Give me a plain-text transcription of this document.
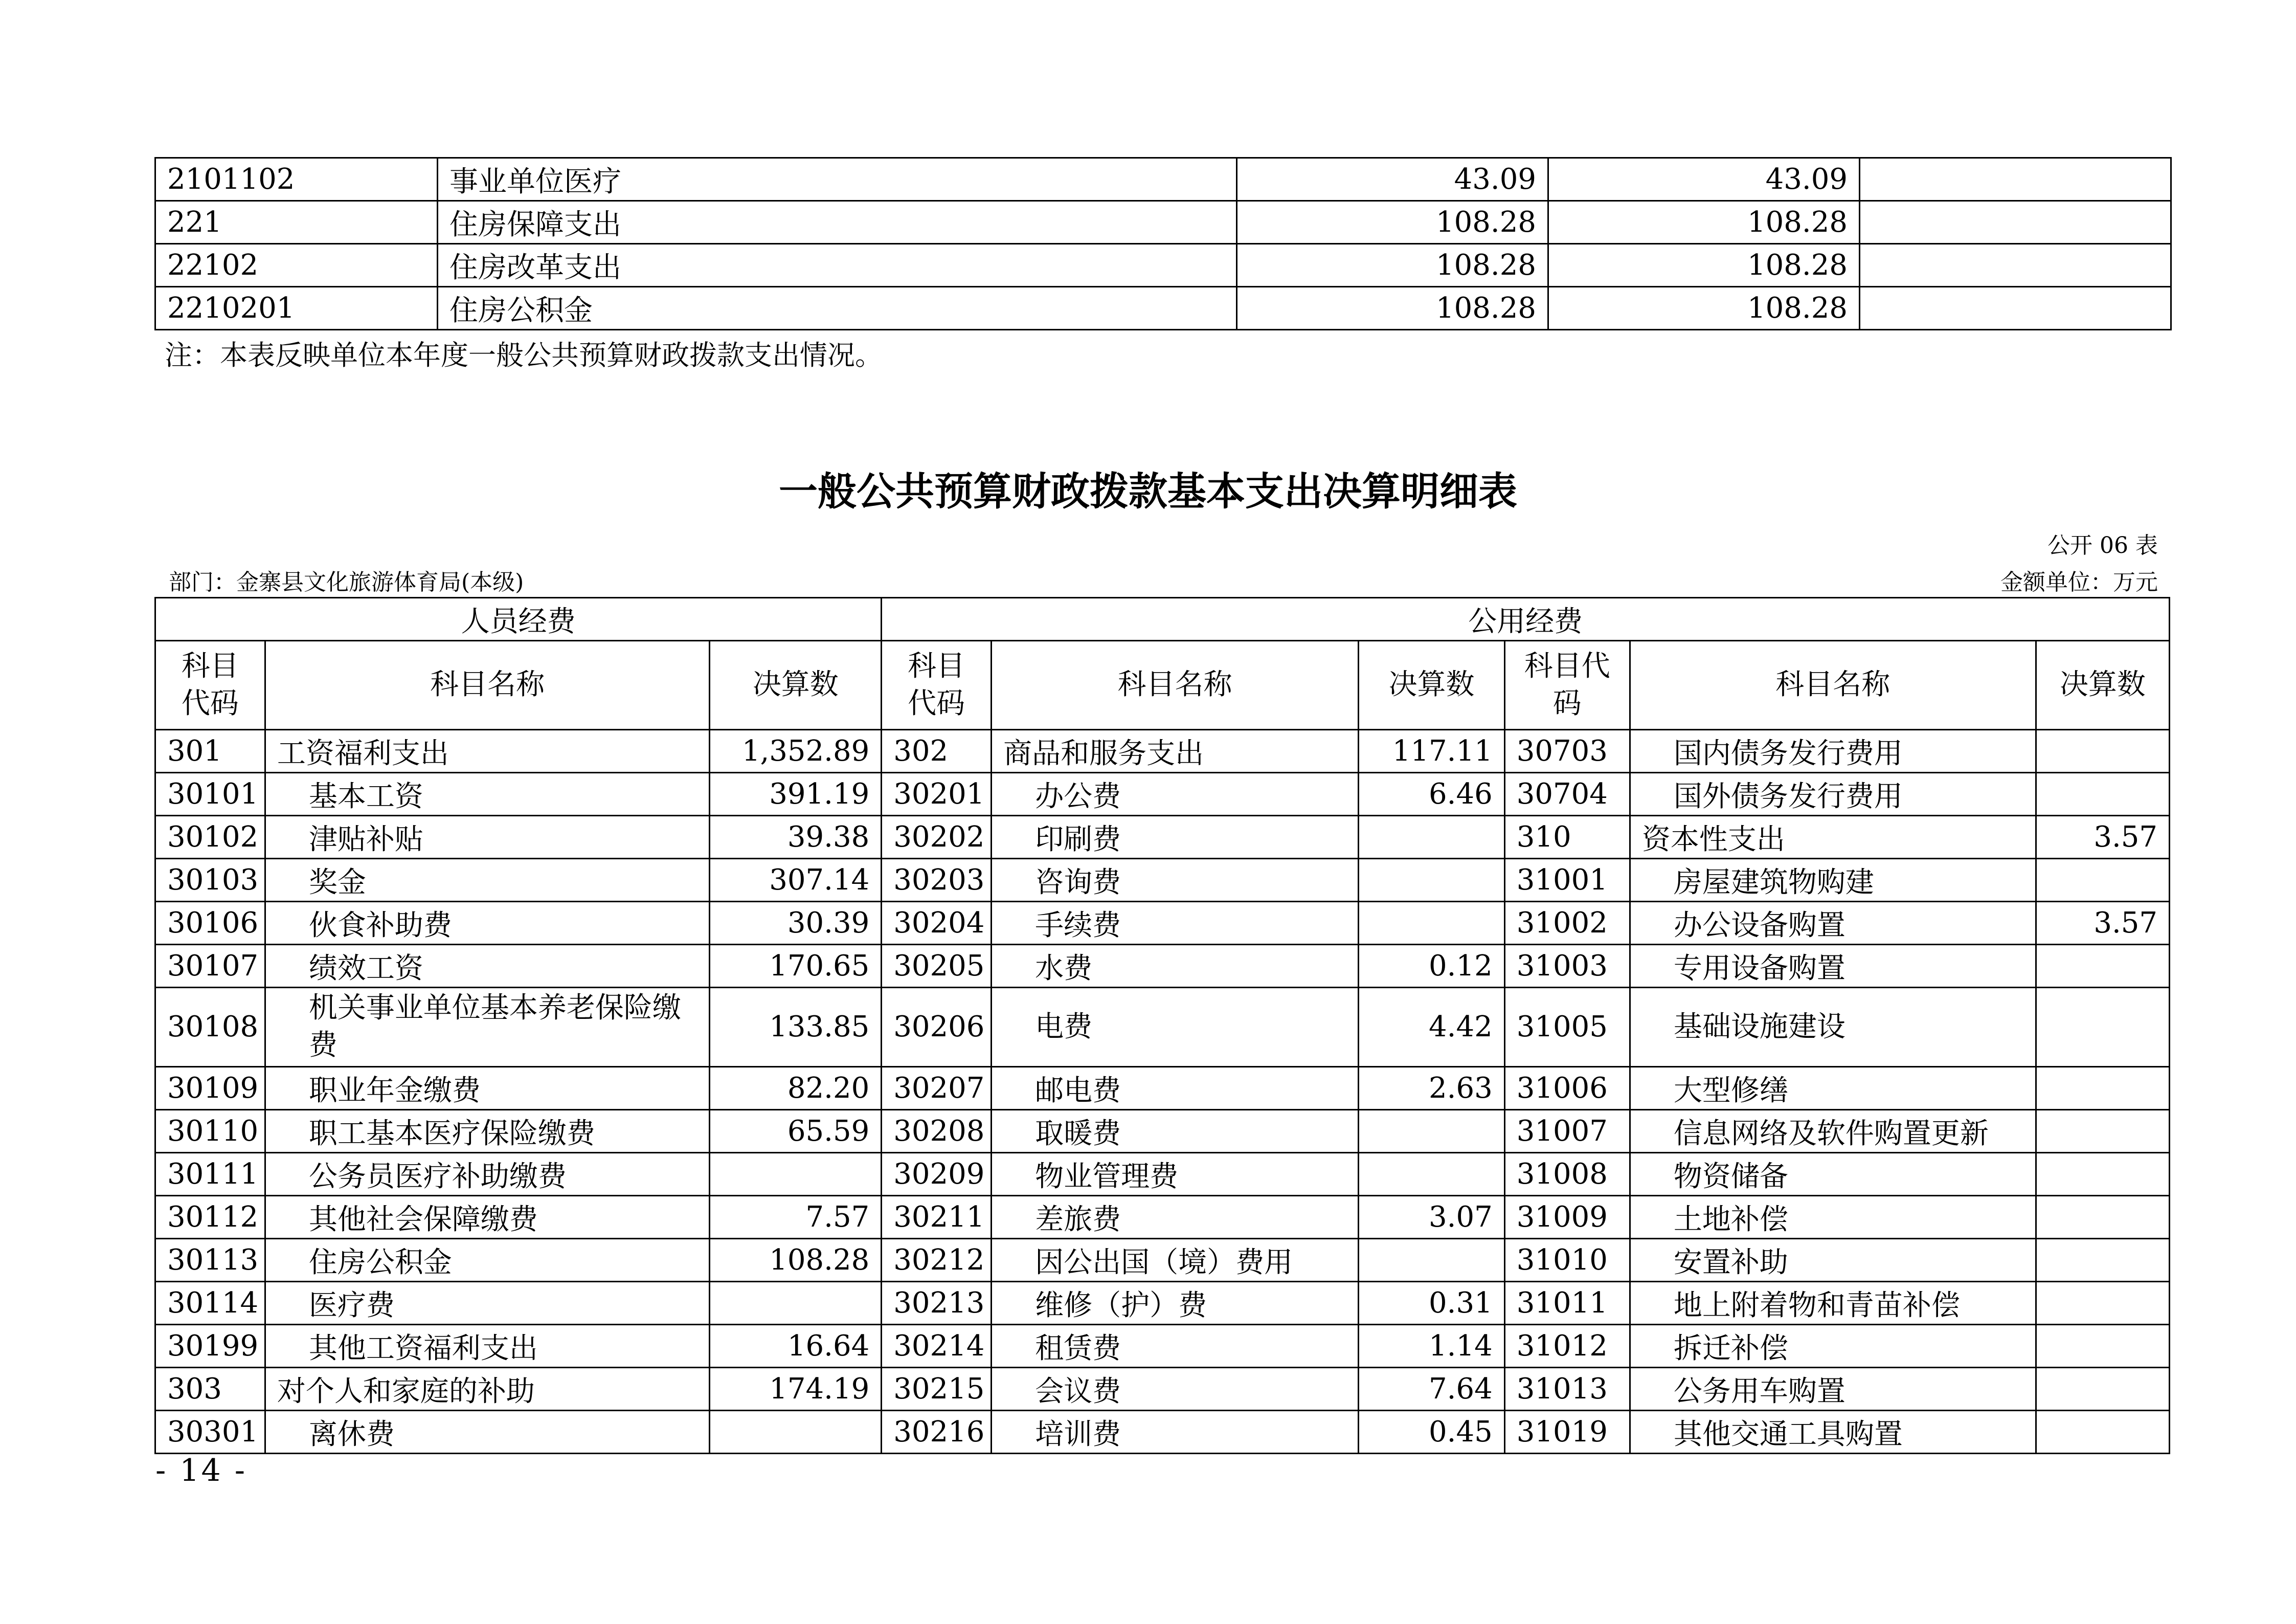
2101102	事业单位医疗	43.09	43.09	
221	住房保障支出	108.28	108.28	
22102	住房改革支出	108.28	108.28	
2210201	住房公积金	108.28	108.28	
注：本表反映单位本年度一般公共预算财政拨款支出情况。
一般公共预算财政拨款基本支出决算明细表
公开 06 表
部门：金寨县文化旅游体育局(本级)	金额单位：万元
人员经费			公用经费					
科目代码	科目名称	决算数	科目代码	科目名称	决算数	科目代码	科目名称	决算数
301	工资福利支出	1,352.89	302	商品和服务支出	117.11	30703	国内债务发行费用	
30101	基本工资	391.19	30201	办公费	6.46	30704	国外债务发行费用	
30102	津贴补贴	39.38	30202	印刷费		310	资本性支出	3.57
30103	奖金	307.14	30203	咨询费		31001	房屋建筑物购建	
30106	伙食补助费	30.39	30204	手续费		31002	办公设备购置	3.57
30107	绩效工资	170.65	30205	水费	0.12	31003	专用设备购置	
30108	机关事业单位基本养老保险缴费	133.85	30206	电费	4.42	31005	基础设施建设	
30109	职业年金缴费	82.20	30207	邮电费	2.63	31006	大型修缮	
30110	职工基本医疗保险缴费	65.59	30208	取暖费		31007	信息网络及软件购置更新	
30111	公务员医疗补助缴费		30209	物业管理费		31008	物资储备	
30112	其他社会保障缴费	7.57	30211	差旅费	3.07	31009	土地补偿	
30113	住房公积金	108.28	30212	因公出国（境）费用		31010	安置补助	
30114	医疗费		30213	维修（护）费	0.31	31011	地上附着物和青苗补偿	
30199	其他工资福利支出	16.64	30214	租赁费	1.14	31012	拆迁补偿	
303	对个人和家庭的补助	174.19	30215	会议费	7.64	31013	公务用车购置	
30301	离休费		30216	培训费	0.45	31019	其他交通工具购置	
- 14 -
